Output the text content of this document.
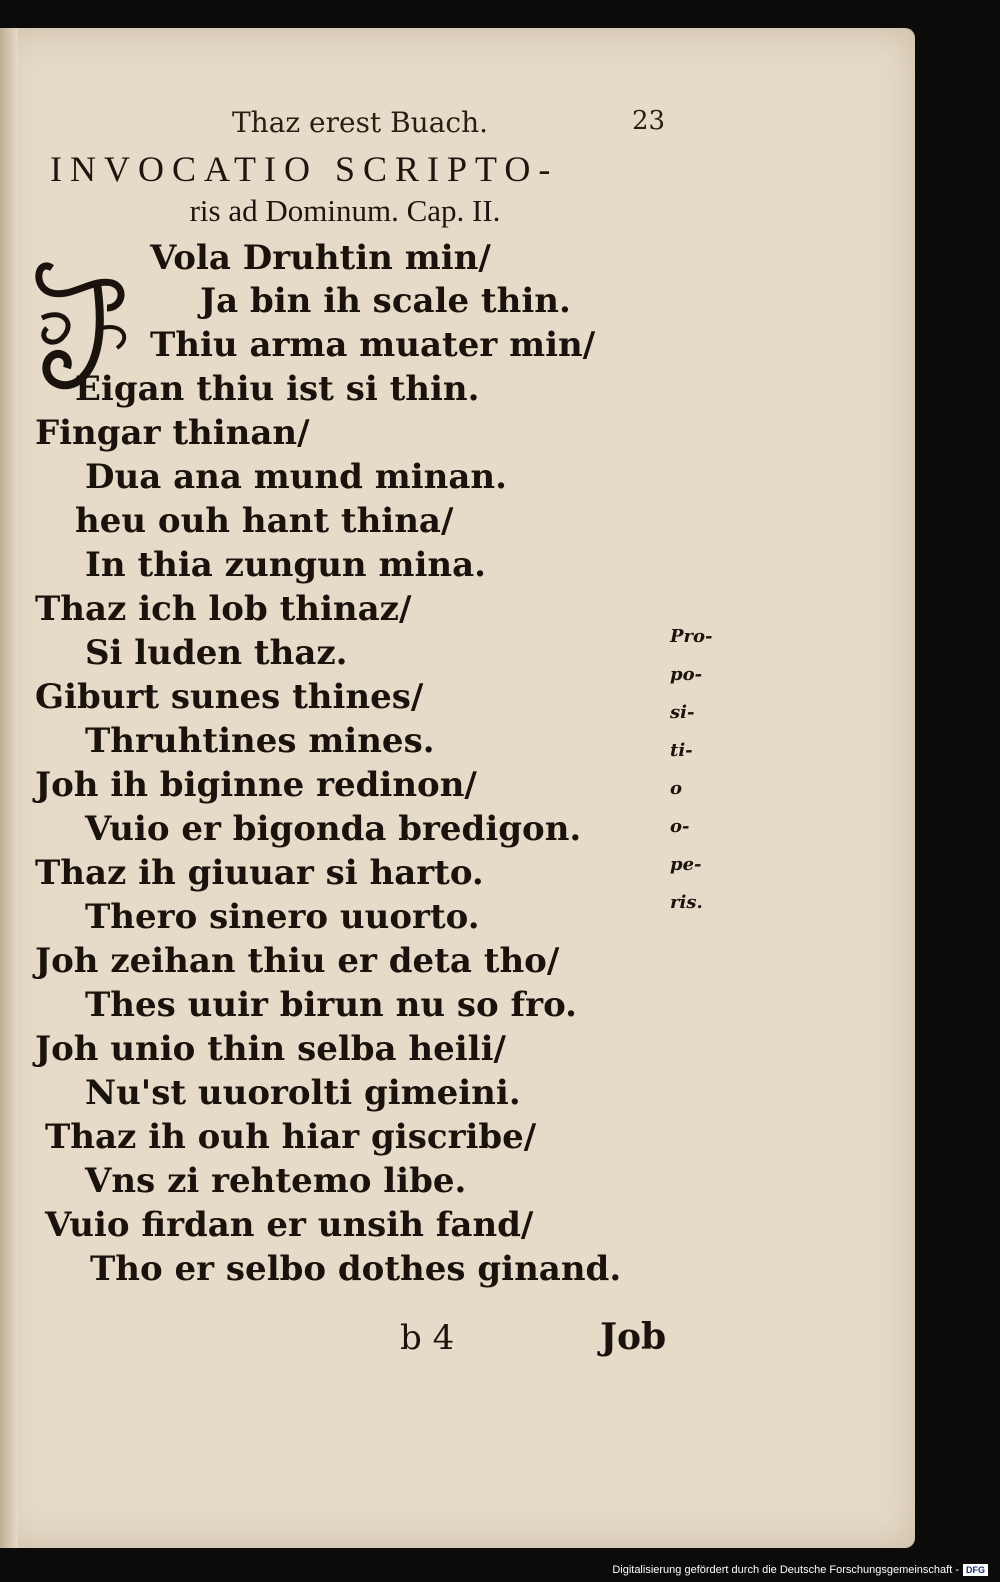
Thaz erest Buach.	23
INVOCATIO SCRIPTO-
ris ad Dominum. Cap. II.
Vola Druhtin min/
Ja bin ih scale thin.
Thiu arma muater min/
Eigan thiu ist si thin.
Fingar thinan/
Dua ana mund minan.
heu ouh hant thina/
In thia zungun mina.
Thaz ich lob thinaz/
Si luden thaz.
Giburt sunes thines/
Thruhtines mines.
Joh ih biginne redinon/
Vuio er bigonda bredigon.
Thaz ih giuuar si harto.
Thero sinero uuorto.
Joh zeihan thiu er deta tho/
Thes uuir birun nu so fro.
Joh unio thin selba heili/
Nu'st uuorolti gimeini.
Thaz ih ouh hiar giscribe/
Vns zi rehtemo libe.
Vuio firdan er unsih fand/
Tho er selbo dothes ginand.
Pro-
po-
si-
ti-
o
o-
pe-
ris.
b 4	Job
Digitalisierung gefördert durch die Deutsche Forschungsgemeinschaft - DFG
